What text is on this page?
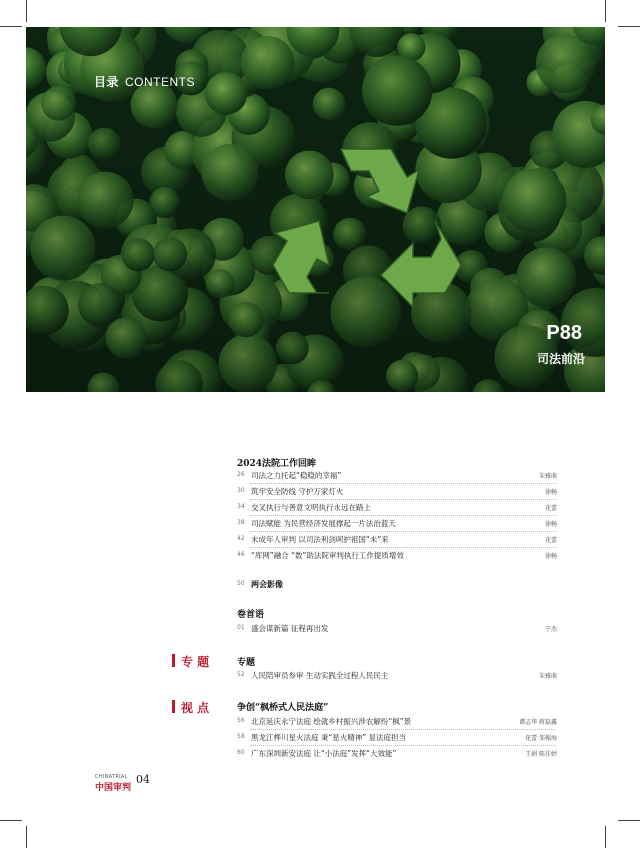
目录 CONTENTS
P88
司法前沿
2024法院工作回眸
26 司法之力托起“稳稳的幸福”	朱雅萌
30 筑牢安全防线 守护万家灯火	徐畅
34 交叉执行与善意文明执行永远在路上	花蕾
38 司法赋能 为民营经济发展撑起一片法治蓝天	徐畅
42 未成年人审判 以司法利剑呵护祖国“未”来	花蕾
46 “库网”融合 “数”助法院审判执行工作提质增效	徐畅
50 两会影像
卷首语
01 盛会谋新篇 征程再出发	宁杰
专 题	专题
52 人民陪审员参审 生动实践全过程人民民主	朱雅萌
视 点	争创“枫桥式人民法庭”
56 北京延庆永宁法庭 绘就乡村振兴涉农解纷“枫”景	谭志华 蒋磊鑫
58 黑龙江桦川星火法庭 秉“星火精神” 显法庭担当	花蕾 邹振海
60 广东深圳新安法庭 让“小法庭”发挥“大效能”	王娟 陈佳婷
CHINATRIAL
中国审判
04
